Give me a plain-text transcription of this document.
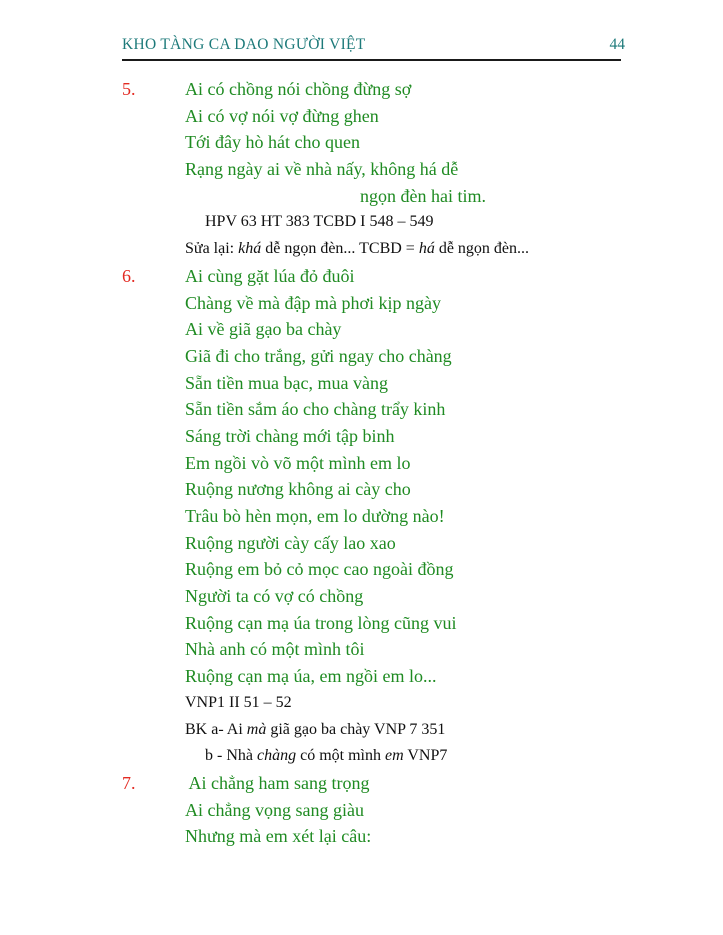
KHO TÀNG CA DAO NGƯỜI VIỆT	44
5.	Ai có chồng nói chồng đừng sợ
Ai có vợ nói vợ đừng ghen
Tới đây hò hát cho quen
Rạng ngày ai về nhà nấy, không há dễ
ngọn đèn hai tim.
HPV 63 HT 383 TCBD I 548 – 549
Sửa lại: khá dễ ngọn đèn... TCBD = há dễ ngọn đèn...
6.	Ai cùng gặt lúa đỏ đuôi
Chàng về mà đập mà phơi kịp ngày
Ai về giã gạo ba chày
Giã đi cho trắng, gửi ngay cho chàng
Sẵn tiền mua bạc, mua vàng
Sẵn tiền sắm áo cho chàng trẩy kinh
Sáng trời chàng mới tập binh
Em ngồi vò võ một mình em lo
Ruộng nương không ai cày cho
Trâu bò hèn mọn, em lo dường nào!
Ruộng người cày cấy lao xao
Ruộng em bỏ cỏ mọc cao ngoài đồng
Người ta có vợ có chồng
Ruộng cạn mạ úa trong lòng cũng vui
Nhà anh có một mình tôi
Ruộng cạn mạ úa, em ngồi em lo...
VNP1 II 51 – 52
BK a- Ai mà giã gạo ba chày VNP 7 351
b - Nhà chàng có một mình em VNP7
7.	Ai chẳng ham sang trọng
Ai chẳng vọng sang giàu
Nhưng mà em xét lại câu:
